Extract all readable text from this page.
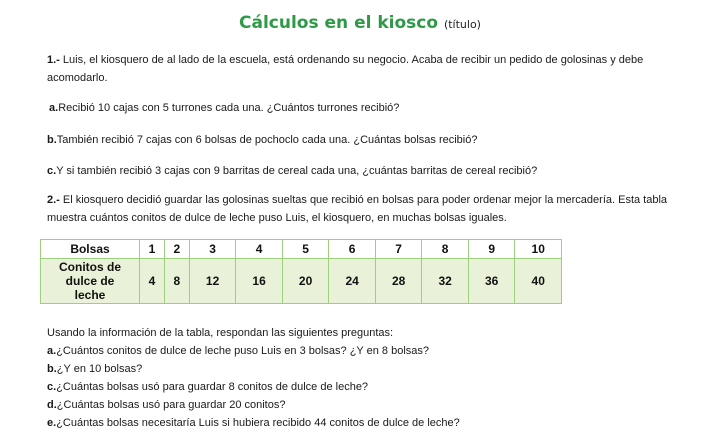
Cálculos en el kiosco (título)
1.- Luis, el kiosquero de al lado de la escuela, está ordenando su negocio. Acaba de recibir un pedido de golosinas y debe acomodarlo.
a.Recibió 10 cajas con 5 turrones cada una. ¿Cuántos turrones recibió?
b.También recibió 7 cajas con 6 bolsas de pochoclo cada una. ¿Cuántas bolsas recibió?
c.Y si también recibió 3 cajas con 9 barritas de cereal cada una, ¿cuántas barritas de cereal recibió?
2.- El kiosquero decidió guardar las golosinas sueltas que recibió en bolsas para poder ordenar mejor la mercadería. Esta tabla muestra cuántos conitos de dulce de leche puso Luis, el kiosquero, en muchas bolsas iguales.
Bolsas	1	2	3	4	5	6	7	8	9	10
Conitos de
dulce de
leche	4	8	12	16	20	24	28	32	36	40
Usando la información de la tabla, respondan las siguientes preguntas:
a.¿Cuántos conitos de dulce de leche puso Luis en 3 bolsas? ¿Y en 8 bolsas?
b.¿Y en 10 bolsas?
c.¿Cuántas bolsas usó para guardar 8 conitos de dulce de leche?
d.¿Cuántas bolsas usó para guardar 20 conitos?
e.¿Cuántas bolsas necesitaría Luis si hubiera recibido 44 conitos de dulce de leche?
